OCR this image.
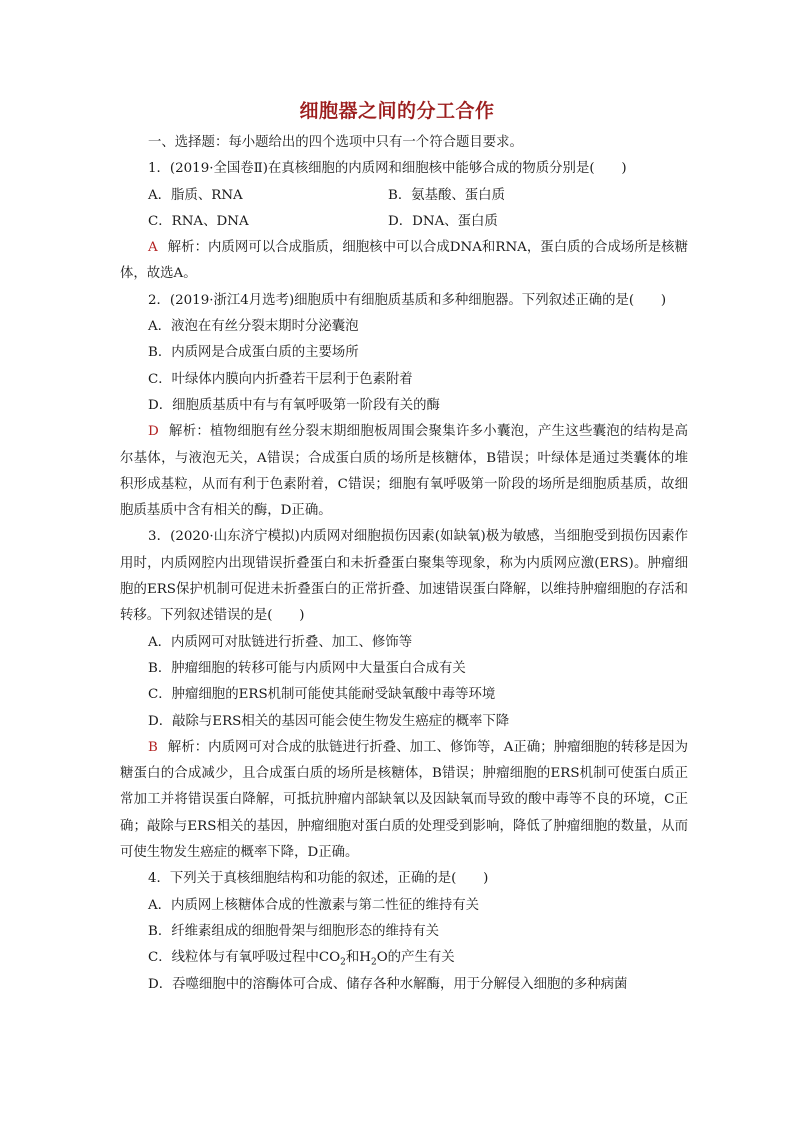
细胞器之间的分工合作
一、选择题：每小题给出的四个选项中只有一个符合题目要求。
1．(2019·全国卷Ⅱ)在真核细胞的内质网和细胞核中能够合成的物质分别是(　　)
A．脂质、RNA	B．氨基酸、蛋白质
C．RNA、DNA	D．DNA、蛋白质

A 解析：内质网可以合成脂质，细胞核中可以合成DNA和RNA，蛋白质的合成场所是核糖体，故选A。

2．(2019·浙江4月选考)细胞质中有细胞质基质和多种细胞器。下列叙述正确的是(　　)
A．液泡在有丝分裂末期时分泌囊泡
B．内质网是合成蛋白质的主要场所
C．叶绿体内膜向内折叠若干层利于色素附着
D．细胞质基质中有与有氧呼吸第一阶段有关的酶

D 解析：植物细胞有丝分裂末期细胞板周围会聚集许多小囊泡，产生这些囊泡的结构是高尔基体，与液泡无关，A错误；合成蛋白质的场所是核糖体，B错误；叶绿体是通过类囊体的堆积形成基粒，从而有利于色素附着，C错误；细胞有氧呼吸第一阶段的场所是细胞质基质，故细胞质基质中含有相关的酶，D正确。

3．(2020·山东济宁模拟)内质网对细胞损伤因素(如缺氧)极为敏感，当细胞受到损伤因素作用时，内质网腔内出现错误折叠蛋白和未折叠蛋白聚集等现象，称为内质网应激(ERS)。肿瘤细胞的ERS保护机制可促进未折叠蛋白的正常折叠、加速错误蛋白降解，以维持肿瘤细胞的存活和转移。下列叙述错误的是(　　)

A．内质网可对肽链进行折叠、加工、修饰等
B．肿瘤细胞的转移可能与内质网中大量蛋白合成有关
C．肿瘤细胞的ERS机制可能使其能耐受缺氧酸中毒等环境
D．敲除与ERS相关的基因可能会使生物发生癌症的概率下降

B 解析：内质网可对合成的肽链进行折叠、加工、修饰等，A正确；肿瘤细胞的转移是因为糖蛋白的合成减少，且合成蛋白质的场所是核糖体，B错误；肿瘤细胞的ERS机制可使蛋白质正常加工并将错误蛋白降解，可抵抗肿瘤内部缺氧以及因缺氧而导致的酸中毒等不良的环境，C正确；敲除与ERS相关的基因，肿瘤细胞对蛋白质的处理受到影响，降低了肿瘤细胞的数量，从而可使生物发生癌症的概率下降，D正确。

4．下列关于真核细胞结构和功能的叙述，正确的是(　　)
A．内质网上核糖体合成的性激素与第二性征的维持有关
B．纤维素组成的细胞骨架与细胞形态的维持有关
C．线粒体与有氧呼吸过程中$CO_2$和$H_2O$的产生有关
D．吞噬细胞中的溶酶体可合成、储存各种水解酶，用于分解侵入细胞的多种病菌
